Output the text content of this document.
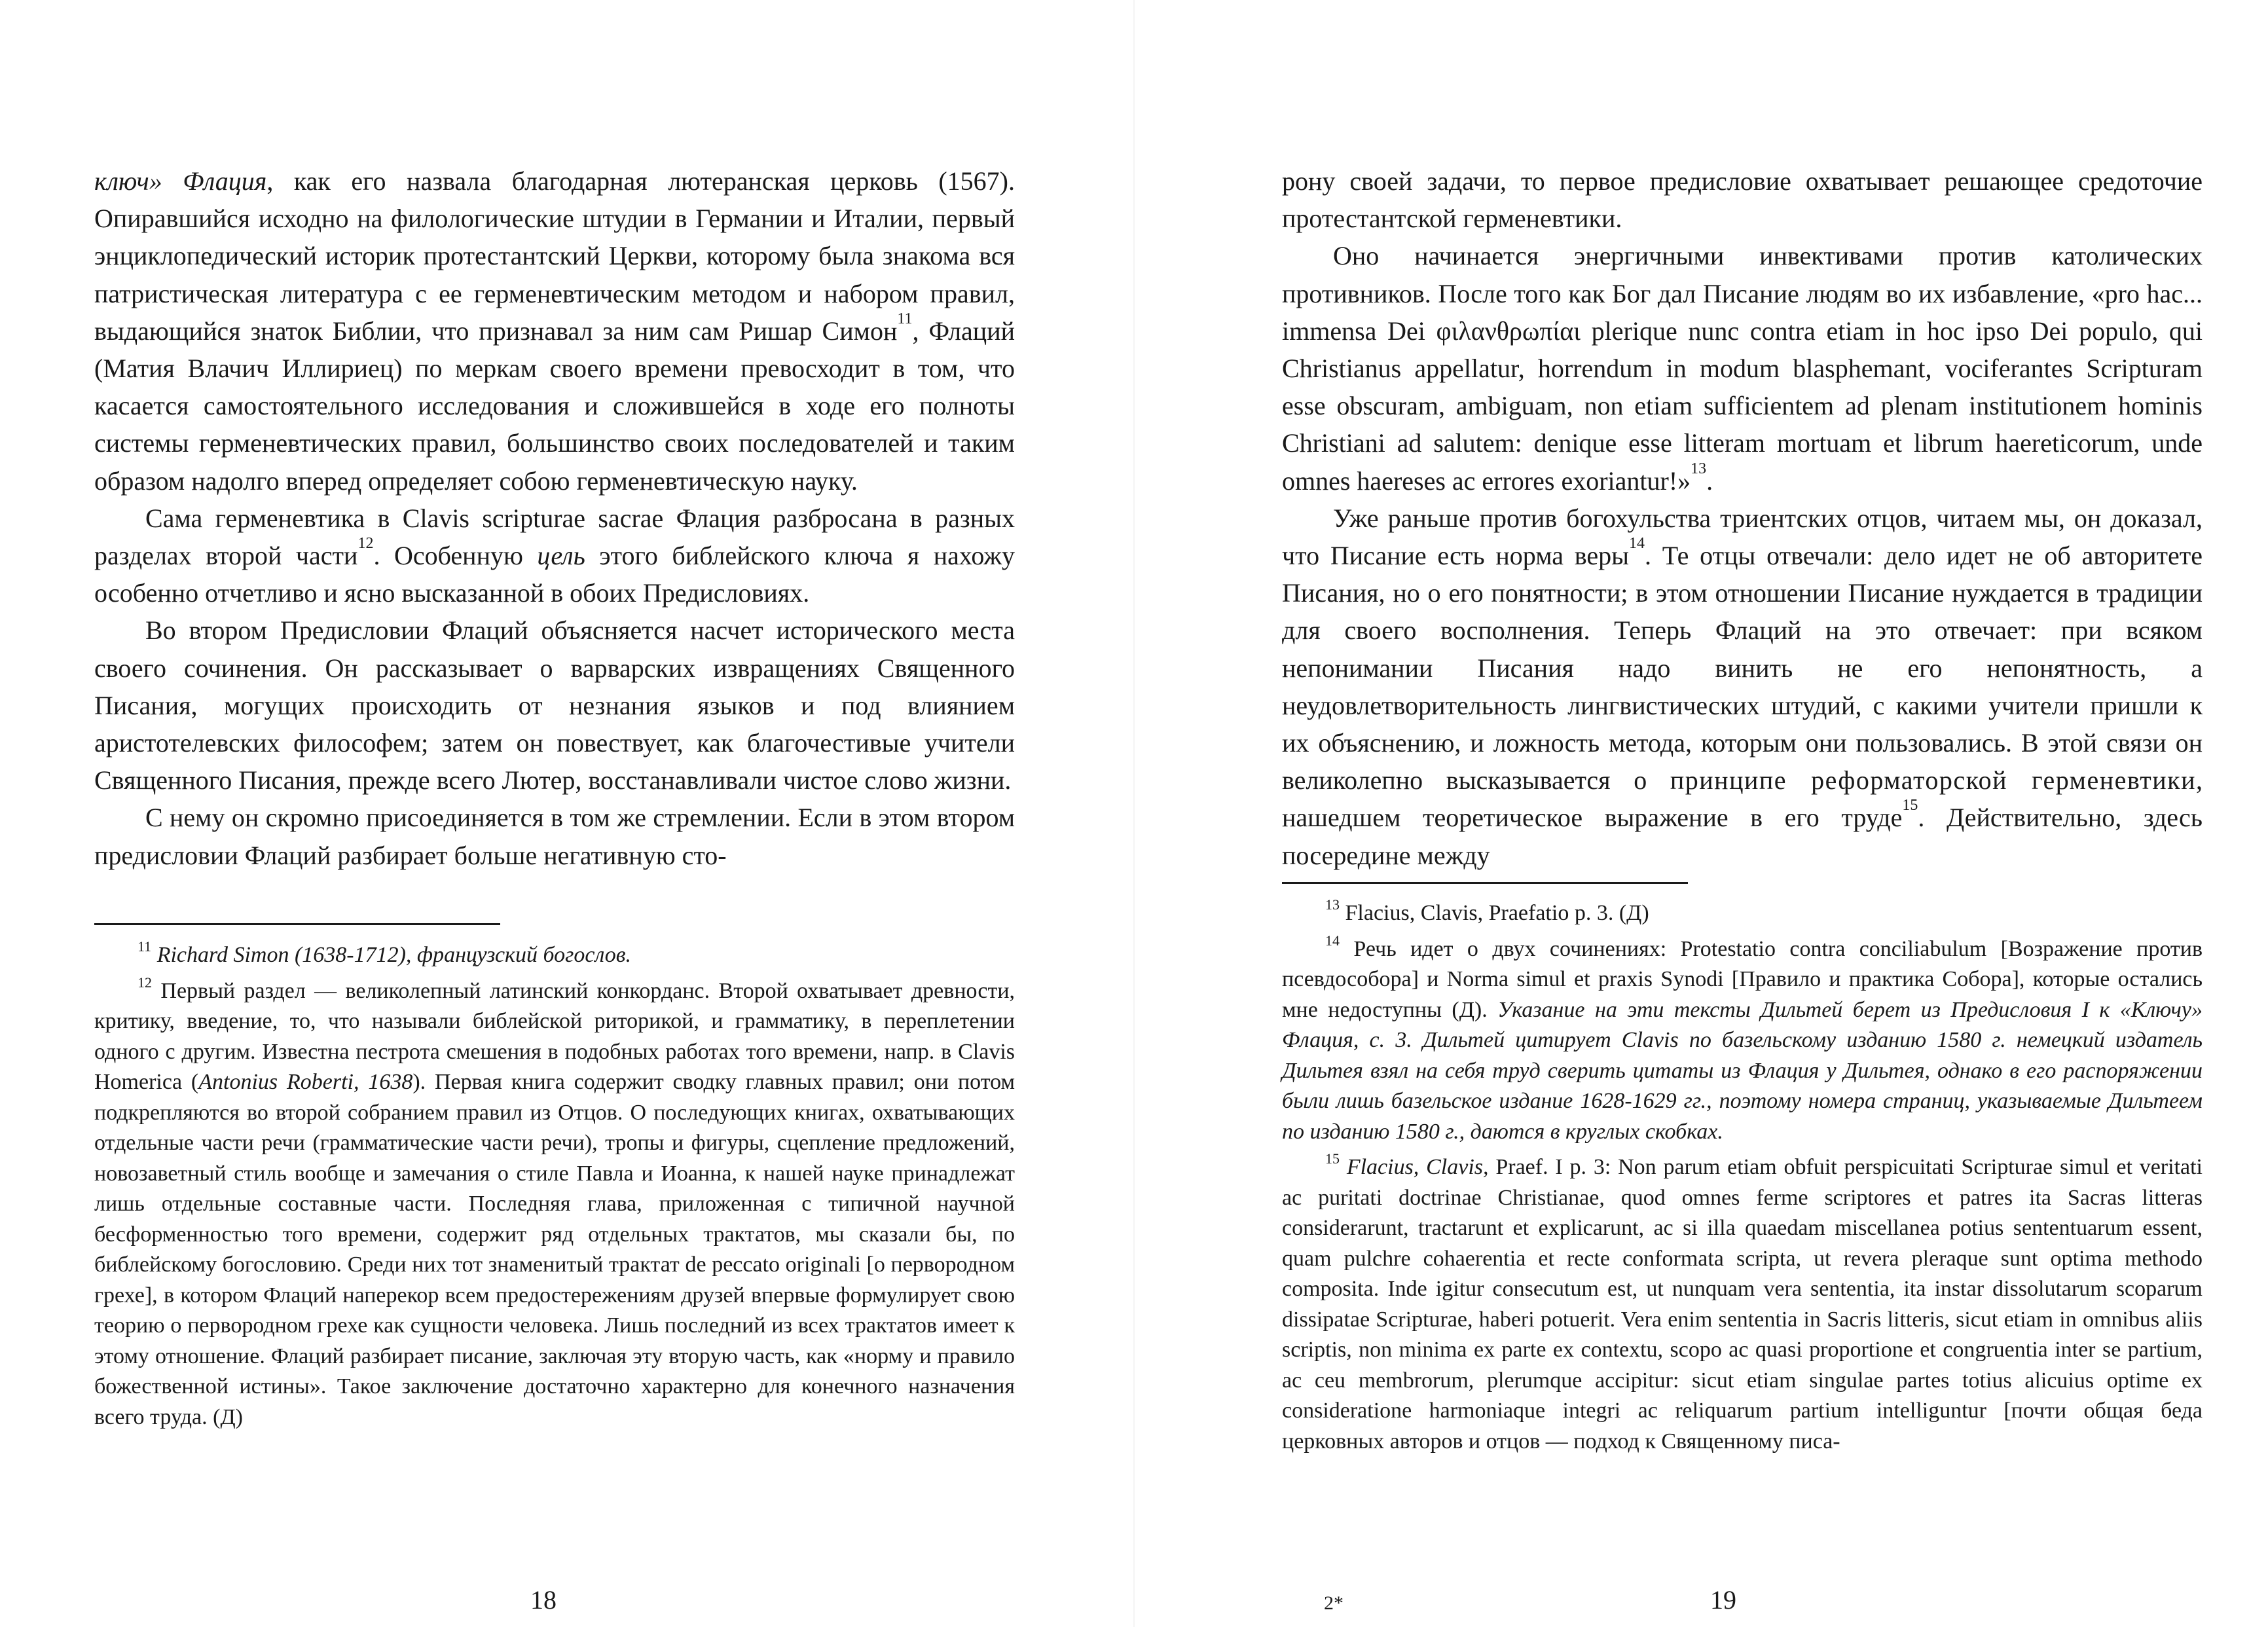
ключ» Флация, как его назвала благодарная лютеранская церковь (1567). Опиравшийся исходно на филологические штудии в Германии и Италии, первый энциклопедический историк протестантский Церкви, которому была знакома вся патристическая литература с ее герменевтическим методом и набором правил, выдающийся знаток Библии, что признавал за ним сам Ришар Симон$^{11}$, Флаций (Матия Влачич Иллириец) по меркам своего времени превосходит в том, что касается самостоятельного исследования и сложившейся в ходе его полноты системы герменевтических правил, большинство своих последователей и таким образом надолго вперед определяет собою герменевтическую науку.

Сама герменевтика в Clavis scripturae sacrae Флация разбросана в разных разделах второй части$^{12}$. Особенную цель этого библейского ключа я нахожу особенно отчетливо и ясно высказанной в обоих Предисловиях.

Во втором Предисловии Флаций объясняется насчет исторического места своего сочинения. Он рассказывает о варварских извращениях Священного Писания, могущих происходить от незнания языков и под влиянием аристотелевских философем; затем он повествует, как благочестивые учители Священного Писания, прежде всего Лютер, восстанавливали чистое слово жизни.

С нему он скромно присоединяется в том же стремлении. Если в этом втором предисловии Флаций разбирает больше негативную сто-

$^{11}$ Richard Simon (1638-1712), французский богослов.

$^{12}$ Первый раздел — великолепный латинский конкорданс. Второй охватывает древности, критику, введение, то, что называли библейской риторикой, и грамматику, в переплетении одного с другим. Известна пестрота смешения в подобных работах того времени, напр. в Clavis Homerica (Antonius Roberti, 1638). Первая книга содержит сводку главных правил; они потом подкрепляются во второй собранием правил из Отцов. О последующих книгах, охватывающих отдельные части речи (грамматические части речи), тропы и фигуры, сцепление предложений, новозаветный стиль вообще и замечания о стиле Павла и Иоанна, к нашей науке принадлежат лишь отдельные составные части. Последняя глава, приложенная с типичной научной бесформенностью того времени, содержит ряд отдельных трактатов, мы сказали бы, по библейскому богословию. Среди них тот знаменитый трактат de peccato originali [о первородном грехе], в котором Флаций наперекор всем предостережениям друзей впервые формулирует свою теорию о первородном грехе как сущности человека. Лишь последний из всех трактатов имеет к этому отношение. Флаций разбирает писание, заключая эту вторую часть, как «норму и правило божественной истины». Такое заключение достаточно характерно для конечного назначения всего труда. (Д)

18

рону своей задачи, то первое предисловие охватывает решающее средоточие протестантской герменевтики.

Оно начинается энергичными инвективами против католических противников. После того как Бог дал Писание людям во их избавление, «pro hac... immensa Dei φιλανθρωπίαι plerique nunc contra etiam in hoc ipso Dei populo, qui Christianus appellatur, horrendum in modum blasphemant, vociferantes Scripturam esse obscuram, ambiguam, non etiam sufficientem ad plenam institutionem hominis Christiani ad salutem: denique esse litteram mortuam et librum haereticorum, unde omnes haereses ac errores exoriantur!»$^{13}$.

Уже раньше против богохульства триентских отцов, читаем мы, он доказал, что Писание есть норма веры$^{14}$. Те отцы отвечали: дело идет не об авторитете Писания, но о его понятности; в этом отношении Писание нуждается в традиции для своего восполнения. Теперь Флаций на это отвечает: при всяком непонимании Писания надо винить не его непонятность, а неудовлетворительность лингвистических штудий, с какими учители пришли к их объяснению, и ложность метода, которым они пользовались. В этой связи он великолепно высказывается о принципе реформаторской герменевтики, нашедшем теоретическое выражение в его труде$^{15}$. Действительно, здесь посередине между

$^{13}$ Flacius, Clavis, Praefatio p. 3. (Д)

$^{14}$ Речь идет о двух сочинениях: Protestatio contra conciliabulum [Возражение против псевдособора] и Norma simul et praxis Synodi [Правило и практика Собора], которые остались мне недоступны (Д). Указание на эти тексты Дильтей берет из Предисловия I к «Ключу» Флация, с. 3. Дильтей цитирует Clavis по базельскому изданию 1580 г. немецкий издатель Дильтея взял на себя труд сверить цитаты из Флация у Дильтея, однако в его распоряжении были лишь базельское издание 1628-1629 гг., поэтому номера страниц, указываемые Дильтеем по изданию 1580 г., даются в круглых скобках.

$^{15}$ Flacius, Clavis, Praef. I p. 3: Non parum etiam obfuit perspicuitati Scripturae simul et veritati ac puritati doctrinae Christianae, quod omnes ferme scriptores et patres ita Sacras litteras considerarunt, tractarunt et explicarunt, ac si illa quaedam miscellanea potius sententuarum essent, quam pulchre cohaerentia et recte conformata scripta, ut revera pleraque sunt optima methodo composita. Inde igitur consecutum est, ut nunquam vera sententia, ita instar dissolutarum scoparum dissipatae Scripturae, haberi potuerit. Vera enim sententia in Sacris litteris, sicut etiam in omnibus aliis scriptis, non minima ex parte ex contextu, scopo ac quasi proportione et congruentia inter se partium, ac ceu membrorum, plerumque accipitur: sicut etiam singulae partes totius alicuius optime ex consideratione harmoniaque integri ac reliquarum partium intelliguntur [почти общая беда церковных авторов и отцов — подход к Священному писа-

2*	19
